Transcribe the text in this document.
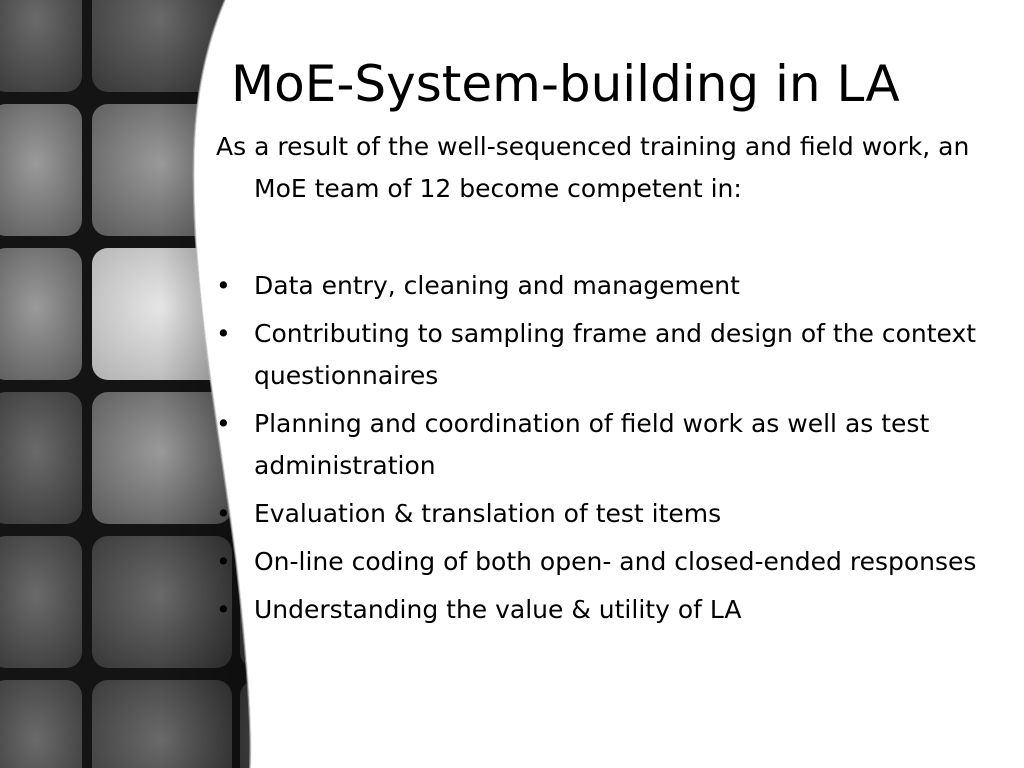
MoE-System-building in LA

As a result of the well-sequenced training and field work, an MoE team of 12 become competent in:

• Data entry, cleaning and management
• Contributing to sampling frame and design of the context questionnaires
• Planning and coordination of field work as well as test administration
• Evaluation & translation of test items
• On-line coding of both open- and closed-ended responses
• Understanding the value & utility of LA
